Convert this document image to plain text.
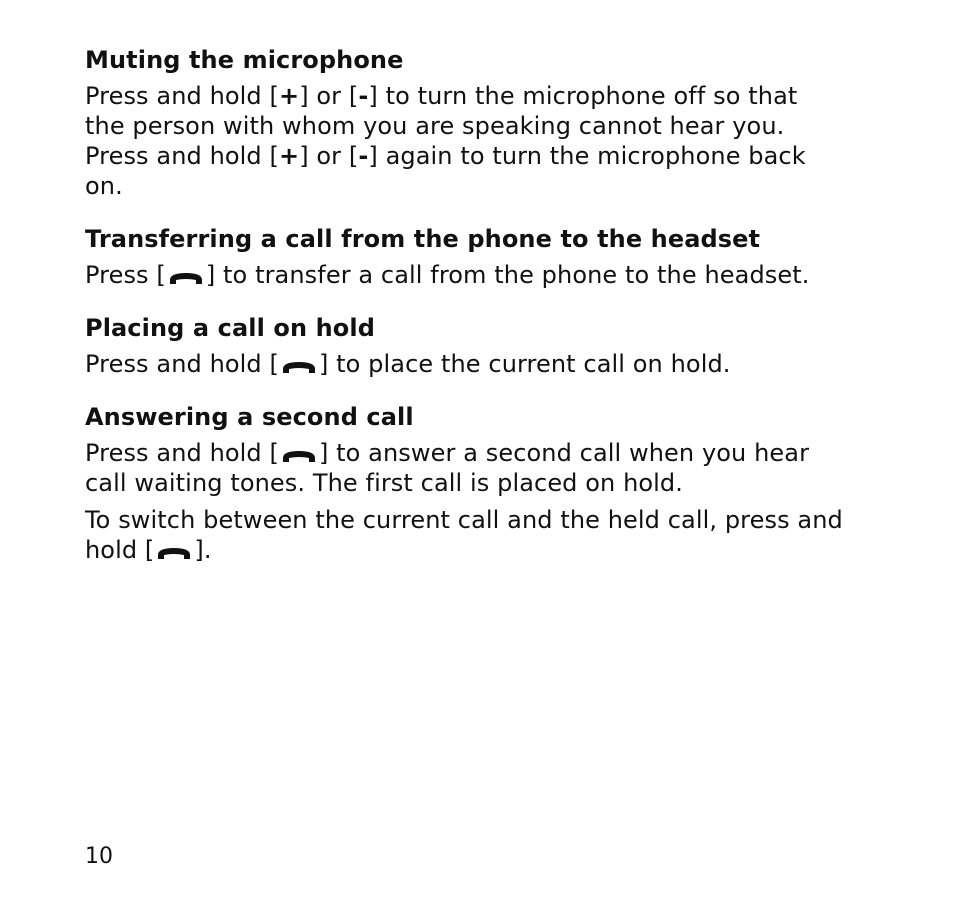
Muting the microphone

Press and hold [+] or [-] to turn the microphone off so that
the person with whom you are speaking cannot hear you.
Press and hold [+] or [-] again to turn the microphone back
on.

Transferring a call from the phone to the headset

Press [ ] to transfer a call from the phone to the headset.

Placing a call on hold

Press and hold [ ] to place the current call on hold.

Answering a second call

Press and hold [ ] to answer a second call when you hear
call waiting tones. The first call is placed on hold.

To switch between the current call and the held call, press and
hold [ ].

10
